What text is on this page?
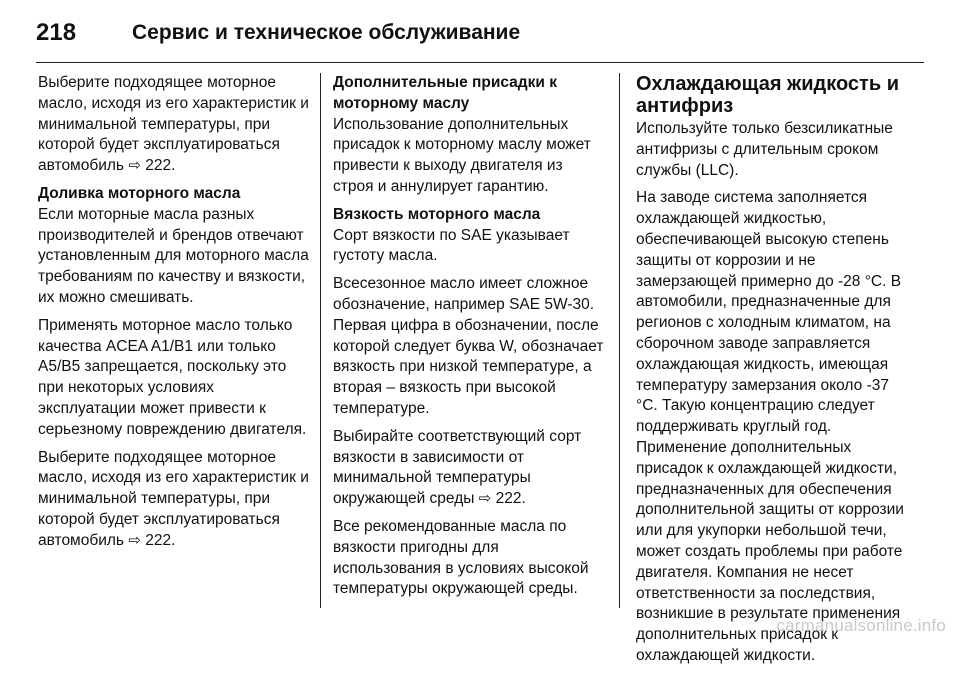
218	Сервис и техническое обслуживание

Выберите подходящее моторное масло, исходя из его характеристик и минимальной температуры, при которой будет эксплуатироваться автомобиль ⇨ 222.

Доливка моторного масла

Если моторные масла разных производителей и брендов отвечают установленным для моторного масла требованиям по качеству и вязкости, их можно смешивать.

Применять моторное масло только качества ACEA A1/B1 или только A5/B5 запрещается, поскольку это при некоторых условиях эксплуатации может привести к серьезному повреждению двигателя.

Выберите подходящее моторное масло, исходя из его характеристик и минимальной температуры, при которой будет эксплуатироваться автомобиль ⇨ 222.

Дополнительные присадки к моторному маслу

Использование дополнительных присадок к моторному маслу может привести к выходу двигателя из строя и аннулирует гарантию.

Вязкость моторного масла

Сорт вязкости по SAE указывает густоту масла.

Всесезонное масло имеет сложное обозначение, например SAE 5W-30. Первая цифра в обозначении, после которой следует буква W, обозначает вязкость при низкой температуре, а вторая – вязкость при высокой температуре.

Выбирайте соответствующий сорт вязкости в зависимости от минимальной температуры окружающей среды ⇨ 222.

Все рекомендованные масла по вязкости пригодны для использования в условиях высокой температуры окружающей среды.

Охлаждающая жидкость и антифриз

Используйте только безсиликатные антифризы с длительным сроком службы (LLC).

На заводе система заполняется охлаждающей жидкостью, обеспечивающей высокую степень защиты от коррозии и не замерзающей примерно до -28 °С. В автомобили, предназначенные для регионов с холодным климатом, на сборочном заводе заправляется охлаждающая жидкость, имеющая температуру замерзания около -37 °С. Такую концентрацию следует поддерживать круглый год. Применение дополнительных присадок к охлаждающей жидкости, предназначенных для обеспечения дополнительной защиты от коррозии или для укупорки небольшой течи, может создать проблемы при работе двигателя. Компания не несет ответственности за последствия, возникшие в результате применения дополнительных присадок к охлаждающей жидкости.

carmanualsonline.info
